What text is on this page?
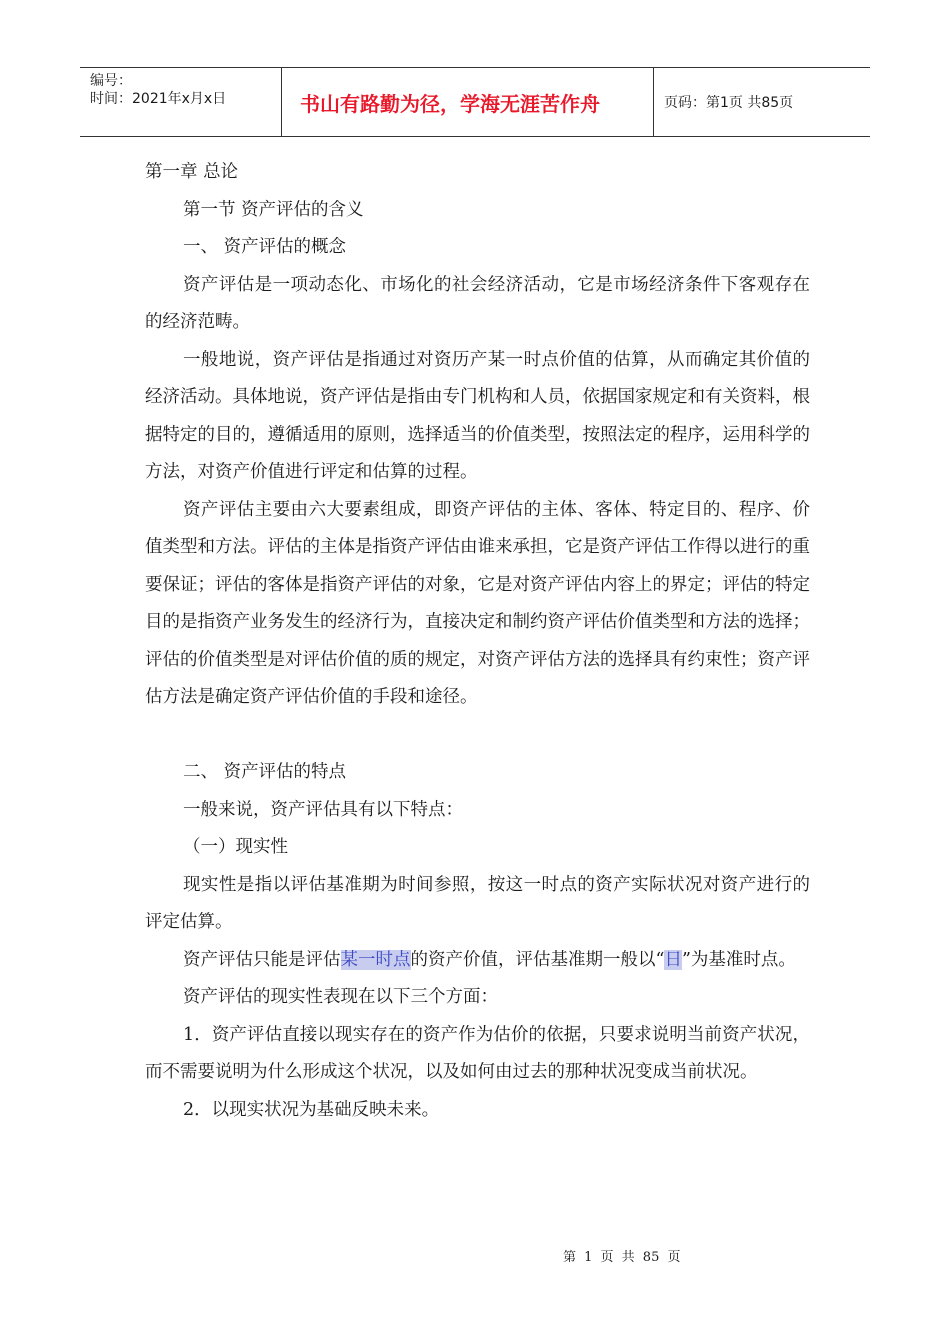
编号：
时间：2021年x月x日	书山有路勤为径，学海无涯苦作舟	页码：第1页 共85页
第一章 总论
第一节 资产评估的含义
一、 资产评估的概念
资产评估是一项动态化、市场化的社会经济活动，它是市场经济条件下客观存在的经济范畴。
一般地说，资产评估是指通过对资历产某一时点价值的估算，从而确定其价值的经济活动。具体地说，资产评估是指由专门机构和人员，依据国家规定和有关资料，根据特定的目的，遵循适用的原则，选择适当的价值类型，按照法定的程序，运用科学的方法，对资产价值进行评定和估算的过程。
资产评估主要由六大要素组成，即资产评估的主体、客体、特定目的、程序、价值类型和方法。评估的主体是指资产评估由谁来承担，它是资产评估工作得以进行的重要保证；评估的客体是指资产评估的对象，它是对资产评估内容上的界定；评估的特定目的是指资产业务发生的经济行为，直接决定和制约资产评估价值类型和方法的选择；评估的价值类型是对评估价值的质的规定，对资产评估方法的选择具有约束性；资产评估方法是确定资产评估价值的手段和途径。
二、 资产评估的特点
一般来说，资产评估具有以下特点：
（一）现实性
现实性是指以评估基准期为时间参照，按这一时点的资产实际状况对资产进行的评定估算。
资产评估只能是评估某一时点的资产价值，评估基准期一般以“日”为基准时点。
资产评估的现实性表现在以下三个方面：
1．资产评估直接以现实存在的资产作为估价的依据，只要求说明当前资产状况，而不需要说明为什么形成这个状况，以及如何由过去的那种状况变成当前状况。
2．以现实状况为基础反映未来。
第 1 页 共 85 页
